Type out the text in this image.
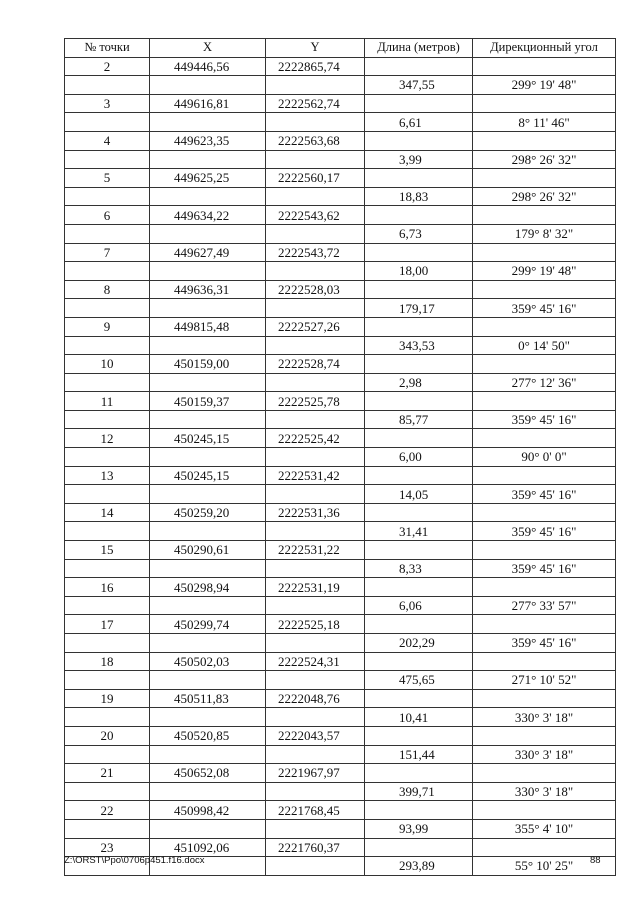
№ точки	X	Y	Длина (метров)	Дирекционный угол
2	449446,56	2222865,74		
			347,55	299° 19' 48"
3	449616,81	2222562,74		
			6,61	8° 11' 46"
4	449623,35	2222563,68		
			3,99	298° 26' 32"
5	449625,25	2222560,17		
			18,83	298° 26' 32"
6	449634,22	2222543,62		
			6,73	179° 8' 32"
7	449627,49	2222543,72		
			18,00	299° 19' 48"
8	449636,31	2222528,03		
			179,17	359° 45' 16"
9	449815,48	2222527,26		
			343,53	0° 14' 50"
10	450159,00	2222528,74		
			2,98	277° 12' 36"
11	450159,37	2222525,78		
			85,77	359° 45' 16"
12	450245,15	2222525,42		
			6,00	90° 0' 0"
13	450245,15	2222531,42		
			14,05	359° 45' 16"
14	450259,20	2222531,36		
			31,41	359° 45' 16"
15	450290,61	2222531,22		
			8,33	359° 45' 16"
16	450298,94	2222531,19		
			6,06	277° 33' 57"
17	450299,74	2222525,18		
			202,29	359° 45' 16"
18	450502,03	2222524,31		
			475,65	271° 10' 52"
19	450511,83	2222048,76		
			10,41	330° 3' 18"
20	450520,85	2222043,57		
			151,44	330° 3' 18"
21	450652,08	2221967,97		
			399,71	330° 3' 18"
22	450998,42	2221768,45		
			93,99	355° 4' 10"
23	451092,06	2221760,37		
			293,89	55° 10' 25"
Z:\ORST\Ppo\0706p451.f16.docx	88
